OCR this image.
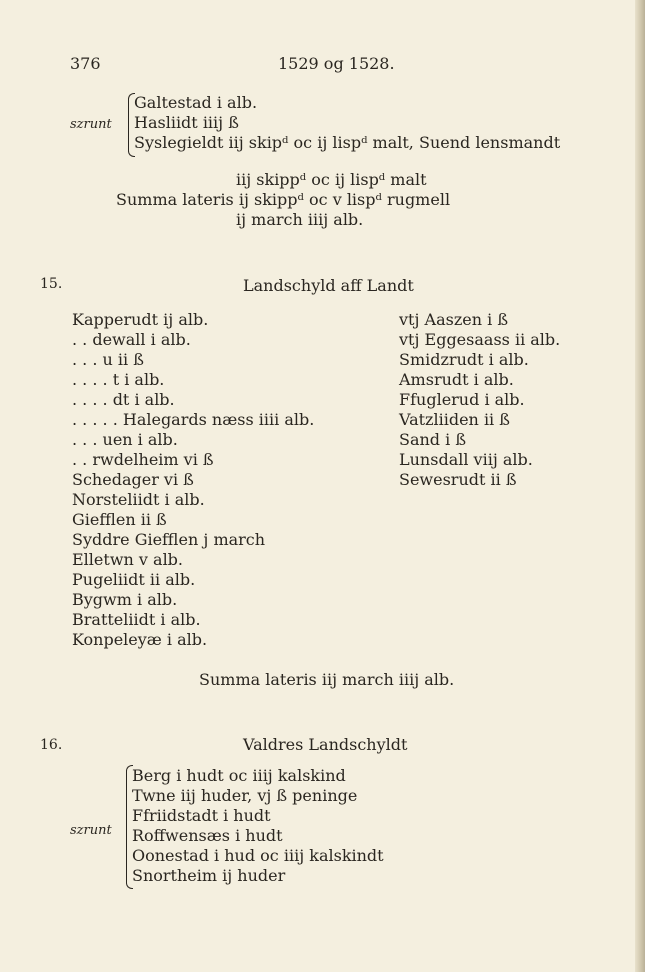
376	1529 og 1528.
szrunt
Galtestad i alb.
Hasliidt iiij ß
Syslegieldt iij skipᵈ oc ij lispᵈ malt, Suend lensmandt
iij skippᵈ oc ij lispᵈ malt
Summa lateris ij skippᵈ oc v lispᵈ rugmell
ij march iiij alb.
15.	Landschyld aff Landt
Kapperudt ij alb.
. . dewall i alb.
. . . u ii ß
. . . . t i alb.
. . . . dt i alb.
. . . . . Halegards næss iiii alb.
. . . uen i alb.
. . rwdelheim vi ß
Schedager vi ß
Norsteliidt i alb.
Giefflen ii ß
Syddre Giefflen j march
Elletwn v alb.
Pugeliidt ii alb.
Bygwm i alb.
Bratteliidt i alb.
Konpeleyæ i alb.
vtj Aaszen i ß
vtj Eggesaass ii alb.
Smidzrudt i alb.
Amsrudt i alb.
Ffuglerud i alb.
Vatzliiden ii ß
Sand i ß
Lunsdall viij alb.
Sewesrudt ii ß
Summa lateris iij march iiij alb.
16.	Valdres Landschyldt
szrunt
Berg i hudt oc iiij kalskind
Twne iij huder, vj ß peninge
Ffriidstadt i hudt
Roffwensæs i hudt
Oonestad i hud oc iiij kalskindt
Snortheim ij huder
